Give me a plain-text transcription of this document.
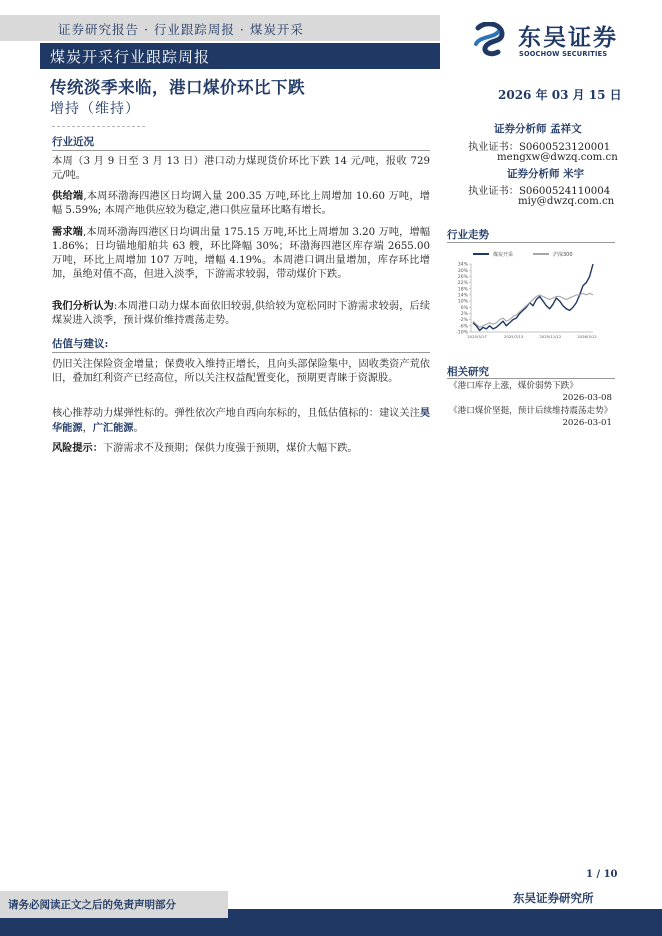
证券研究报告 · 行业跟踪周报 · 煤炭开采
煤炭开采行业跟踪周报
东吴证券
SOOCHOW SECURITIES
传统淡季来临，港口煤价环比下跌
增持（维持）
2026 年 03 月 15 日
行业近况
本周（3 月 9 日至 3 月 13 日）港口动力煤现货价环比下跌 14 元/吨，报收 729 元/吨。
供给端,本周环渤海四港区日均调入量 200.35 万吨,环比上周增加 10.60 万吨，增幅 5.59%; 本周产地供应较为稳定,港口供应量环比略有增长。
需求端,本周环渤海四港区日均调出量 175.15 万吨,环比上周增加 3.20 万吨，增幅 1.86%；日均锚地船舶共 63 艘，环比降幅 30%；环渤海四港区库存端 2655.00 万吨，环比上周增加 107 万吨，增幅 4.19%。本周港口调出量增加，库存环比增加，虽绝对值不高，但进入淡季，下游需求较弱，带动煤价下跌。
我们分析认为:本周港口动力煤本面依旧较弱,供给较为宽松同时下游需求较弱，后续煤炭进入淡季，预计煤价维持震荡走势。
估值与建议:
仍旧关注保险资金增量；保费收入维持正增长，且向头部保险集中，固收类资产荒依旧，叠加红利资产已经高位，所以关注权益配置变化，预期更青睐于资源股。
核心推荐动力煤弹性标的。弹性依次产地自西向东标的，且低估值标的：建议关注昊华能源，广汇能源。
风险提示：下游需求不及预期；保供力度强于预期，煤价大幅下跌。
证券分析师 孟祥文
执业证书：S0600523120001
mengxw@dwzq.com.cn
证券分析师 米宇
执业证书：S0600524110004
miy@dwzq.com.cn
行业走势
煤炭开采	沪深300
34%
30%
26%
22%
18%
14%
10%
6%
2%
-2%
-6%
-10%
2025/3/17	2025/7/15	2025/11/12	2026/3/12
相关研究
《港口库存上涨，煤价弱势下跌》
2026-03-08
《港口煤价坚挺，预计后续维持震荡走势》
2026-03-01
1 / 10
请务必阅读正文之后的免责声明部分	东吴证券研究所
